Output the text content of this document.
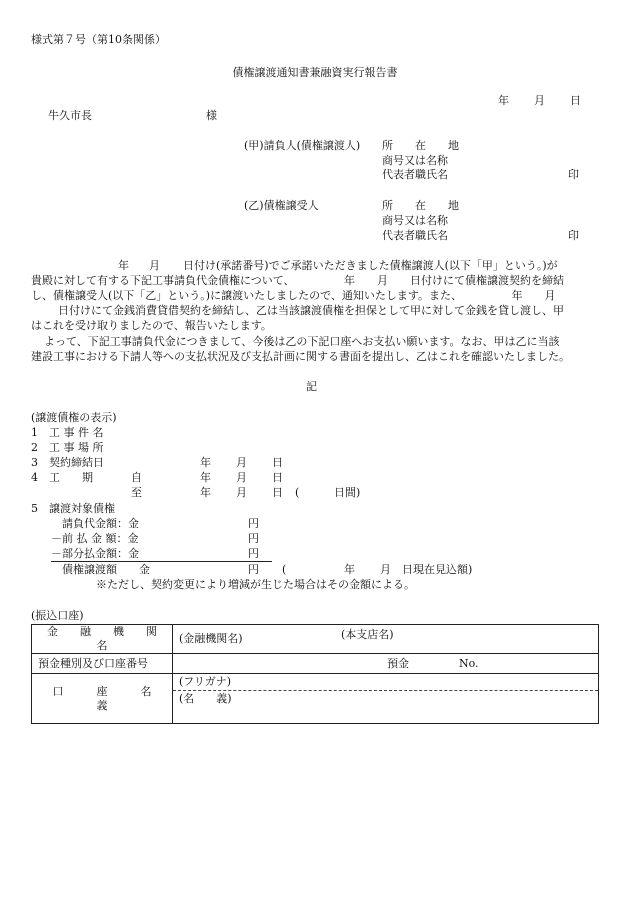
様式第７号（第10条関係）
債権譲渡通知書兼融資実行報告書
年 月 日
牛久市長	様
(甲)請負人(債権譲渡人) 所　　在　　地
商号又は名称
代表者職氏名	印
(乙)債権譲受人	所　　在　　地
商号又は名称
代表者職氏名	印
年 月 日付け(承諾番号)でご承諾いただきました債権譲渡人(以下「甲」という。)が
貴殿に対して有する下記工事請負代金債権について、　　　　　年　　月　　日付けにて債権譲渡契約を締結
し、債権譲受人(以下「乙」という。)に譲渡いたしましたので、通知いたします。また、　　　　　年　　月
日付けにて金銭消費貸借契約を締結し、乙は当該譲渡債権を担保として甲に対して金銭を貸し渡し、甲
はこれを受け取りましたので、報告いたします。
よって、下記工事請負代金につきまして、今後は乙の下記口座へお支払い願います。なお、甲は乙に当該
建設工事における下請人等への支払状況及び支払計画に関する書面を提出し、乙はこれを確認いたしました。
記
(譲渡債権の表示)
1　工 事 件 名
2　工 事 場 所
3　契約締結日	年 月 日
4　工　　期	自	年 月 日
至	年 月 日 (	日間)
5　譲渡対象債権
請負代金額：金	円
－前 払 金 額：金	円
－部分払金額：金	円
債権譲渡額　　金	円 (	年 月 日現在見込額)
※ただし、契約変更により増減が生じた場合はその金額による。
(振込口座)
金　　融　　機　　関　　名	(金融機関名) (本支店名)

預金種別及び口座番号	預金 No.

口　　　座　　　名　　　義	(フリガナ)
(名　　義)
